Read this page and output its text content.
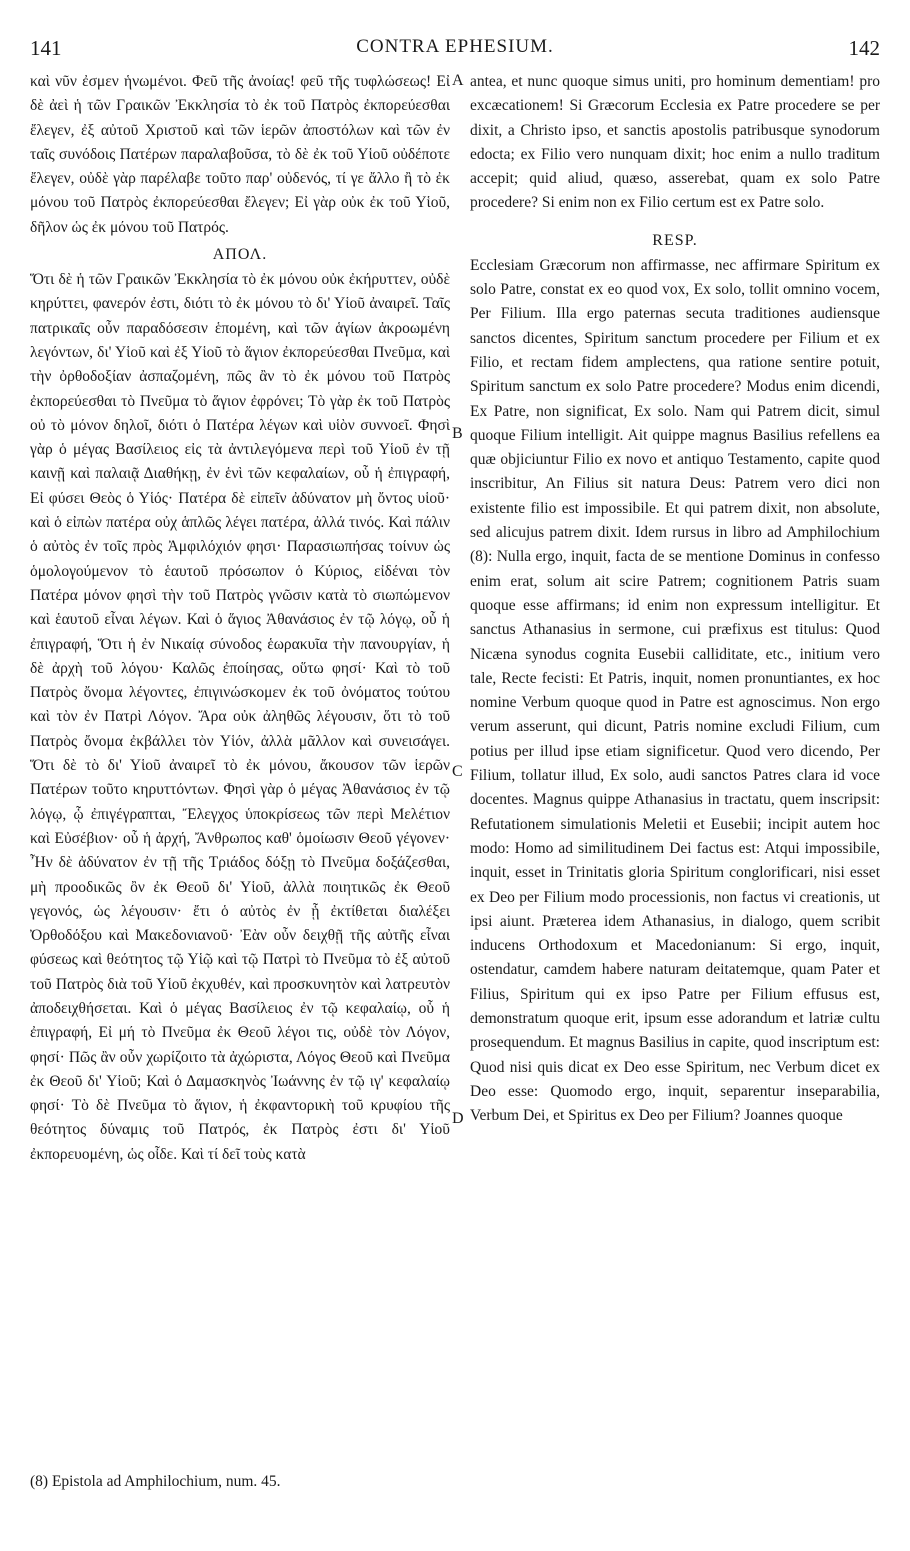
141	CONTRA EPHESIUM.	142

καὶ νῦν ἐσμεν ἡνωμένοι. Φεῦ τῆς ἀνοίας! φεῦ τῆς τυφλώσεως! Εἰ δὲ ἀεὶ ἡ τῶν Γραικῶν Ἐκκλησία τὸ ἐκ τοῦ Πατρὸς ἐκπορεύεσθαι ἔλεγεν, ἐξ αὐτοῦ Χριστοῦ καὶ τῶν ἱερῶν ἀποστόλων καὶ τῶν ἐν ταῖς συνόδοις Πατέρων παραλαβοῦσα, τὸ δὲ ἐκ τοῦ Υἱοῦ οὐδέποτε ἔλεγεν, οὐδὲ γὰρ παρέλαβε τοῦτο παρ' οὐδενός, τί γε ἄλλο ἢ τὸ ἐκ μόνου τοῦ Πατρὸς ἐκπορεύεσθαι ἔλεγεν; Εἰ γὰρ οὐκ ἐκ τοῦ Υἱοῦ, δῆλον ὡς ἐκ μόνου τοῦ Πατρός.

ΑΠΟΛ.

Ὅτι δὲ ἡ τῶν Γραικῶν Ἐκκλησία τὸ ἐκ μόνου οὐκ ἐκήρυττεν, οὐδὲ κηρύττει, φανερόν ἐστι, διότι τὸ ἐκ μόνου τὸ δι' Υἱοῦ ἀναιρεῖ. Ταῖς πατρικαῖς οὖν παραδόσεσιν ἑπομένη, καὶ τῶν ἁγίων ἀκροωμένη λεγόντων, δι' Υἱοῦ καὶ ἐξ Υἱοῦ τὸ ἅγιον ἐκπορεύεσθαι Πνεῦμα, καὶ τὴν ὀρθοδοξίαν ἀσπαζομένη, πῶς ἂν τὸ ἐκ μόνου τοῦ Πατρὸς ἐκπορεύεσθαι τὸ Πνεῦμα τὸ ἅγιον ἐφρόνει; Τὸ γὰρ ἐκ τοῦ Πατρὸς οὐ τὸ μόνον δηλοῖ, διότι ὁ Πατέρα λέγων καὶ υἱὸν συννοεῖ. Φησὶ γὰρ ὁ μέγας Βασίλειος εἰς τὰ ἀντιλεγόμενα περὶ τοῦ Υἱοῦ ἐν τῇ καινῇ καὶ παλαιᾷ Διαθήκῃ, ἐν ἑνὶ τῶν κεφαλαίων, οὗ ἡ ἐπιγραφή, Εἰ φύσει Θεὸς ὁ Υἱός· Πατέρα δὲ εἰπεῖν ἀδύνατον μὴ ὄντος υἱοῦ· καὶ ὁ εἰπὼν πατέρα οὐχ ἁπλῶς λέγει πατέρα, ἀλλά τινός. Καὶ πάλιν ὁ αὐτὸς ἐν τοῖς πρὸς Ἀμφιλόχιόν φησι· Παρασιωπήσας τοίνυν ὡς ὁμολογούμενον τὸ ἑαυτοῦ πρόσωπον ὁ Κύριος, εἰδέναι τὸν Πατέρα μόνον φησὶ τὴν τοῦ Πατρὸς γνῶσιν κατὰ τὸ σιωπώμενον καὶ ἑαυτοῦ εἶναι λέγων. Καὶ ὁ ἅγιος Ἀθανάσιος ἐν τῷ λόγῳ, οὗ ἡ ἐπιγραφή, Ὅτι ἡ ἐν Νικαίᾳ σύνοδος ἑωρακυῖα τὴν πανουργίαν, ἡ δὲ ἀρχὴ τοῦ λόγου· Καλῶς ἐποίησας, οὕτω φησί· Καὶ τὸ τοῦ Πατρὸς ὄνομα λέγοντες, ἐπιγινώσκομεν ἐκ τοῦ ὀνόματος τούτου καὶ τὸν ἐν Πατρὶ Λόγον. Ἄρα οὐκ ἀληθῶς λέγουσιν, ὅτι τὸ τοῦ Πατρὸς ὄνομα ἐκβάλλει τὸν Υἱόν, ἀλλὰ μᾶλλον καὶ συνεισάγει. Ὅτι δὲ τὸ δι' Υἱοῦ ἀναιρεῖ τὸ ἐκ μόνου, ἄκουσον τῶν ἱερῶν Πατέρων τοῦτο κηρυττόντων. Φησὶ γὰρ ὁ μέγας Ἀθανάσιος ἐν τῷ λόγῳ, ᾧ ἐπιγέγραπται, Ἔλεγχος ὑποκρίσεως τῶν περὶ Μελέτιον καὶ Εὐσέβιον· οὗ ἡ ἀρχή, Ἄνθρωπος καθ' ὁμοίωσιν Θεοῦ γέγονεν· Ἦν δὲ ἀδύνατον ἐν τῇ τῆς Τριάδος δόξῃ τὸ Πνεῦμα δοξάζεσθαι, μὴ προοδικῶς ὂν ἐκ Θεοῦ δι' Υἱοῦ, ἀλλὰ ποιητικῶς ἐκ Θεοῦ γεγονός, ὡς λέγουσιν· ἔτι ὁ αὐτὸς ἐν ᾗ ἐκτίθεται διαλέξει Ὀρθοδόξου καὶ Μακεδονιανοῦ· Ἐὰν οὖν δειχθῇ τῆς αὐτῆς εἶναι φύσεως καὶ θεότητος τῷ Υἱῷ καὶ τῷ Πατρὶ τὸ Πνεῦμα τὸ ἐξ αὐτοῦ τοῦ Πατρὸς διὰ τοῦ Υἱοῦ ἐκχυθέν, καὶ προσκυνητὸν καὶ λατρευτὸν ἀποδειχθήσεται. Καὶ ὁ μέγας Βασίλειος ἐν τῷ κεφαλαίῳ, οὗ ἡ ἐπιγραφή, Εἰ μή τὸ Πνεῦμα ἐκ Θεοῦ λέγοι τις, οὐδὲ τὸν Λόγον, φησί· Πῶς ἂν οὖν χωρίζοιτο τὰ ἀχώριστα, Λόγος Θεοῦ καὶ Πνεῦμα ἐκ Θεοῦ δι' Υἱοῦ; Καὶ ὁ Δαμασκηνὸς Ἰωάννης ἐν τῷ ιγ' κεφαλαίῳ φησί· Τὸ δὲ Πνεῦμα τὸ ἅγιον, ἡ ἐκφαντορικὴ τοῦ κρυφίου τῆς θεότητος δύναμις τοῦ Πατρός, ἐκ Πατρὸς ἐστι δι' Υἱοῦ ἐκπορευομένη, ὡς οἶδε. Καὶ τί δεῖ τοὺς κατὰ

A
B
C
D

antea, et nunc quoque simus uniti, pro hominum dementiam! pro excæcationem! Si Græcorum Ecclesia ex Patre procedere se per dixit, a Christo ipso, et sanctis apostolis patribusque synodorum edocta; ex Filio vero nunquam dixit; hoc enim a nullo traditum accepit; quid aliud, quæso, asserebat, quam ex solo Patre procedere? Si enim non ex Filio certum est ex Patre solo.

RESP.

Ecclesiam Græcorum non affirmasse, nec affirmare Spiritum ex solo Patre, constat ex eo quod vox, Ex solo, tollit omnino vocem, Per Filium. Illa ergo paternas secuta traditiones audiensque sanctos dicentes, Spiritum sanctum procedere per Filium et ex Filio, et rectam fidem amplectens, qua ratione sentire potuit, Spiritum sanctum ex solo Patre procedere? Modus enim dicendi, Ex Patre, non significat, Ex solo. Nam qui Patrem dicit, simul quoque Filium intelligit. Ait quippe magnus Basilius refellens ea quæ objiciuntur Filio ex novo et antiquo Testamento, capite quod inscribitur, An Filius sit natura Deus: Patrem vero dici non existente filio est impossibile. Et qui patrem dixit, non absolute, sed alicujus patrem dixit. Idem rursus in libro ad Amphilochium (8): Nulla ergo, inquit, facta de se mentione Dominus in confesso enim erat, solum ait scire Patrem; cognitionem Patris suam quoque esse affirmans; id enim non expressum intelligitur. Et sanctus Athanasius in sermone, cui præfixus est titulus: Quod Nicæna synodus cognita Eusebii calliditate, etc., initium vero tale, Recte fecisti: Et Patris, inquit, nomen pronuntiantes, ex hoc nomine Verbum quoque quod in Patre est agnoscimus. Non ergo verum asserunt, qui dicunt, Patris nomine excludi Filium, cum potius per illud ipse etiam significetur. Quod vero dicendo, Per Filium, tollatur illud, Ex solo, audi sanctos Patres clara id voce docentes. Magnus quippe Athanasius in tractatu, quem inscripsit: Refutationem simulationis Meletii et Eusebii; incipit autem hoc modo: Homo ad similitudinem Dei factus est: Atqui impossibile, inquit, esset in Trinitatis gloria Spiritum conglorificari, nisi esset ex Deo per Filium modo processionis, non factus vi creationis, ut ipsi aiunt. Præterea idem Athanasius, in dialogo, quem scribit inducens Orthodoxum et Macedonianum: Si ergo, inquit, ostendatur, camdem habere naturam deitatemque, quam Pater et Filius, Spiritum qui ex ipso Patre per Filium effusus est, demonstratum quoque erit, ipsum esse adorandum et latriæ cultu prosequendum. Et magnus Basilius in capite, quod inscriptum est: Quod nisi quis dicat ex Deo esse Spiritum, nec Verbum dicet ex Deo esse: Quomodo ergo, inquit, separentur inseparabilia, Verbum Dei, et Spiritus ex Deo per Filium? Joannes quoque

(8) Epistola ad Amphilochium, num. 45.
